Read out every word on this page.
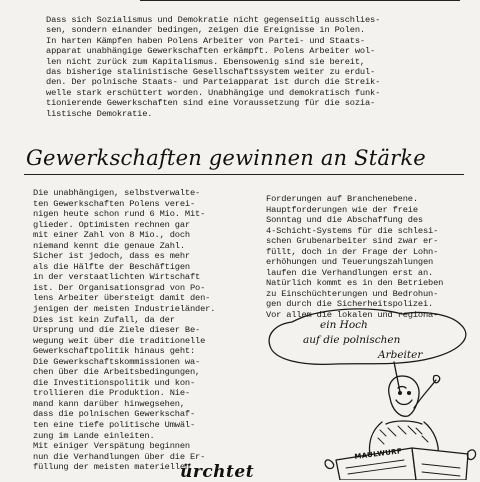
Dass sich Sozialismus und Demokratie nicht gegenseitig ausschlies-
sen, sondern einander bedingen, zeigen die Ereignisse in Polen.
In harten Kämpfen haben Polens Arbeiter von Partei- und Staats-
apparat unabhängige Gewerkschaften erkämpft. Polens Arbeiter wol-
len nicht zurück zum Kapitalismus. Ebensowenig sind sie bereit,
das bisherige stalinistische Gesellschaftssystem weiter zu erdul-
den. Der polnische Staats- und Parteiapparat ist durch die Streik-
welle stark erschüttert worden. Unabhängige und demokratisch funk-
tionierende Gewerkschaften sind eine Voraussetzung für die sozia-
listische Demokratie.
Gewerkschaften gewinnen an Stärke
Die unabhängigen, selbstverwalte-
ten Gewerkschaften Polens verei-
nigen heute schon rund 6 Mio. Mit-
glieder. Optimisten rechnen gar
mit einer Zahl von 8 Mio., doch
niemand kennt die genaue Zahl.
Sicher ist jedoch, dass es mehr
als die Hälfte der Beschäftigen
in der verstaatlichten Wirtschaft
ist. Der Organisationsgrad von Po-
lens Arbeiter übersteigt damit den-
jenigen der meisten Industrieländer.
Dies ist kein Zufall, da der
Ursprung und die Ziele dieser Be-
wegung weit über die traditionelle
Gewerkschaftpolitik hinaus geht:
Die Gewerkschaftskommissionen wa-
chen über die Arbeitsbedingungen,
die Investitionspolitik und kon-
trollieren die Produktion. Nie-
mand kann darüber hinwegsehen,
dass die polnischen Gewerkschaf-
ten eine tiefe politische Umwäl-
zung im Lande einleiten.
Mit einiger Verspätung beginnen
nun die Verhandlungen über die Er-
füllung der meisten materiellen
Forderungen auf Branchenebene.
Hauptforderungen wie der freie
Sonntag und die Abschaffung des
4-Schicht-Systems für die schlesi-
schen Grubenarbeiter sind zwar er-
füllt, doch in der Frage der Lohn-
erhöhungen und Teuerungszahlungen
laufen die Verhandlungen erst an.
Natürlich kommt es in den Betrieben
zu Einschüchterungen und Bedrohun-
gen durch die Sicherheitspolizei.
Vor allem die lokalen und regiona-
ein Hoch
auf die polnischen
Arbeiter
MAULWURF
ürchtet
